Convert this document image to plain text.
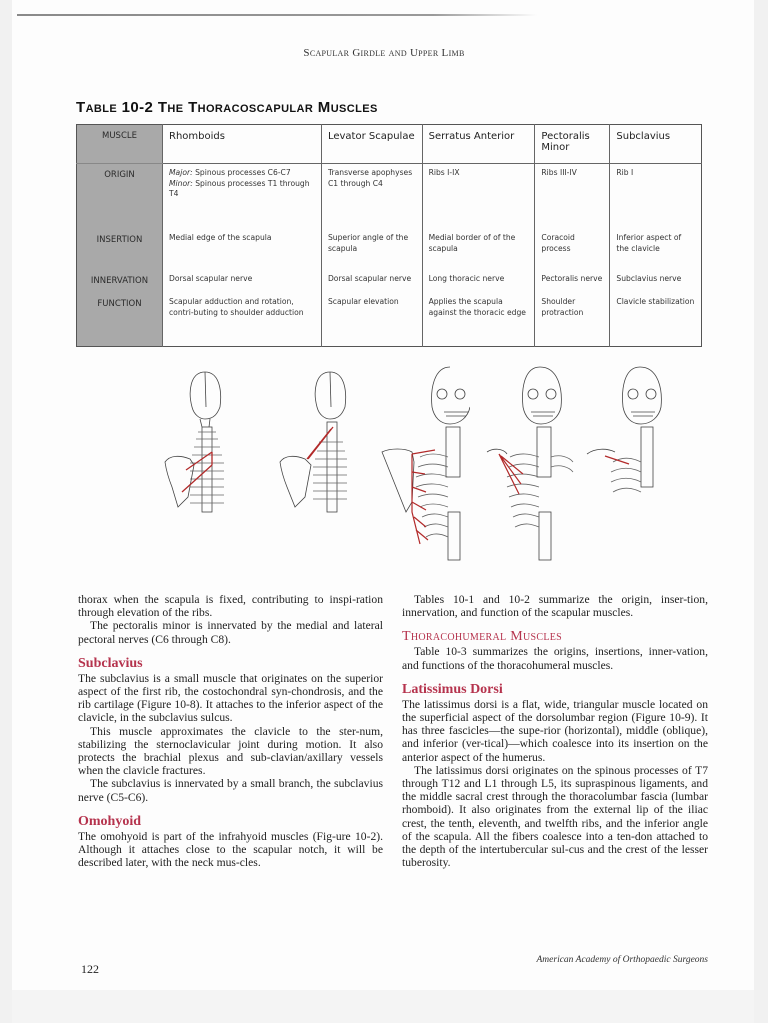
Scapular Girdle and Upper Limb
Table 10-2 The Thoracoscapular Muscles
MUSCLE	Rhomboids	Levator Scapulae	Serratus Anterior	Pectoralis Minor	Subclavius
ORIGIN	Major: Spinous processes C6-C7
Minor: Spinous processes T1 through T4	Transverse apophyses C1 through C4	Ribs I-IX	Ribs III-IV	Rib I
INSERTION	Medial edge of the scapula	Superior angle of the scapula	Medial border of of the scapula	Coracoid process	Inferior aspect of the clavicle
INNERVATION	Dorsal scapular nerve	Dorsal scapular nerve	Long thoracic nerve	Pectoralis nerve	Subclavius nerve
FUNCTION	Scapular adduction and rotation, contri-buting to shoulder adduction	Scapular elevation	Applies the scapula against the thoracic edge	Shoulder protraction	Clavicle stabilization

thorax when the scapula is fixed, contributing to inspi-ration through elevation of the ribs.

The pectoralis minor is innervated by the medial and lateral pectoral nerves (C6 through C8).

Subclavius

The subclavius is a small muscle that originates on the superior aspect of the first rib, the costochondral syn-chondrosis, and the rib cartilage (Figure 10-8). It attaches to the inferior aspect of the clavicle, in the subclavius sulcus.

This muscle approximates the clavicle to the ster-num, stabilizing the sternoclavicular joint during motion. It also protects the brachial plexus and sub-clavian/axillary vessels when the clavicle fractures.

The subclavius is innervated by a small branch, the subclavius nerve (C5-C6).

Omohyoid

The omohyoid is part of the infrahyoid muscles (Fig-ure 10-2). Although it attaches close to the scapular notch, it will be described later, with the neck mus-cles.

Tables 10-1 and 10-2 summarize the origin, inser-tion, innervation, and function of the scapular muscles.

Thoracohumeral Muscles

Table 10-3 summarizes the origins, insertions, inner-vation, and functions of the thoracohumeral muscles.

Latissimus Dorsi

The latissimus dorsi is a flat, wide, triangular muscle located on the superficial aspect of the dorsolumbar region (Figure 10-9). It has three fascicles—the supe-rior (horizontal), middle (oblique), and inferior (ver-tical)—which coalesce into its insertion on the anterior aspect of the humerus.

The latissimus dorsi originates on the spinous processes of T7 through T12 and L1 through L5, its supraspinous ligaments, and the middle sacral crest through the thoracolumbar fascia (lumbar rhomboid). It also originates from the external lip of the iliac crest, the tenth, eleventh, and twelfth ribs, and the inferior angle of the scapula. All the fibers coalesce into a ten-don attached to the depth of the intertubercular sul-cus and the crest of the lesser tuberosity.

122
American Academy of Orthopaedic Surgeons
